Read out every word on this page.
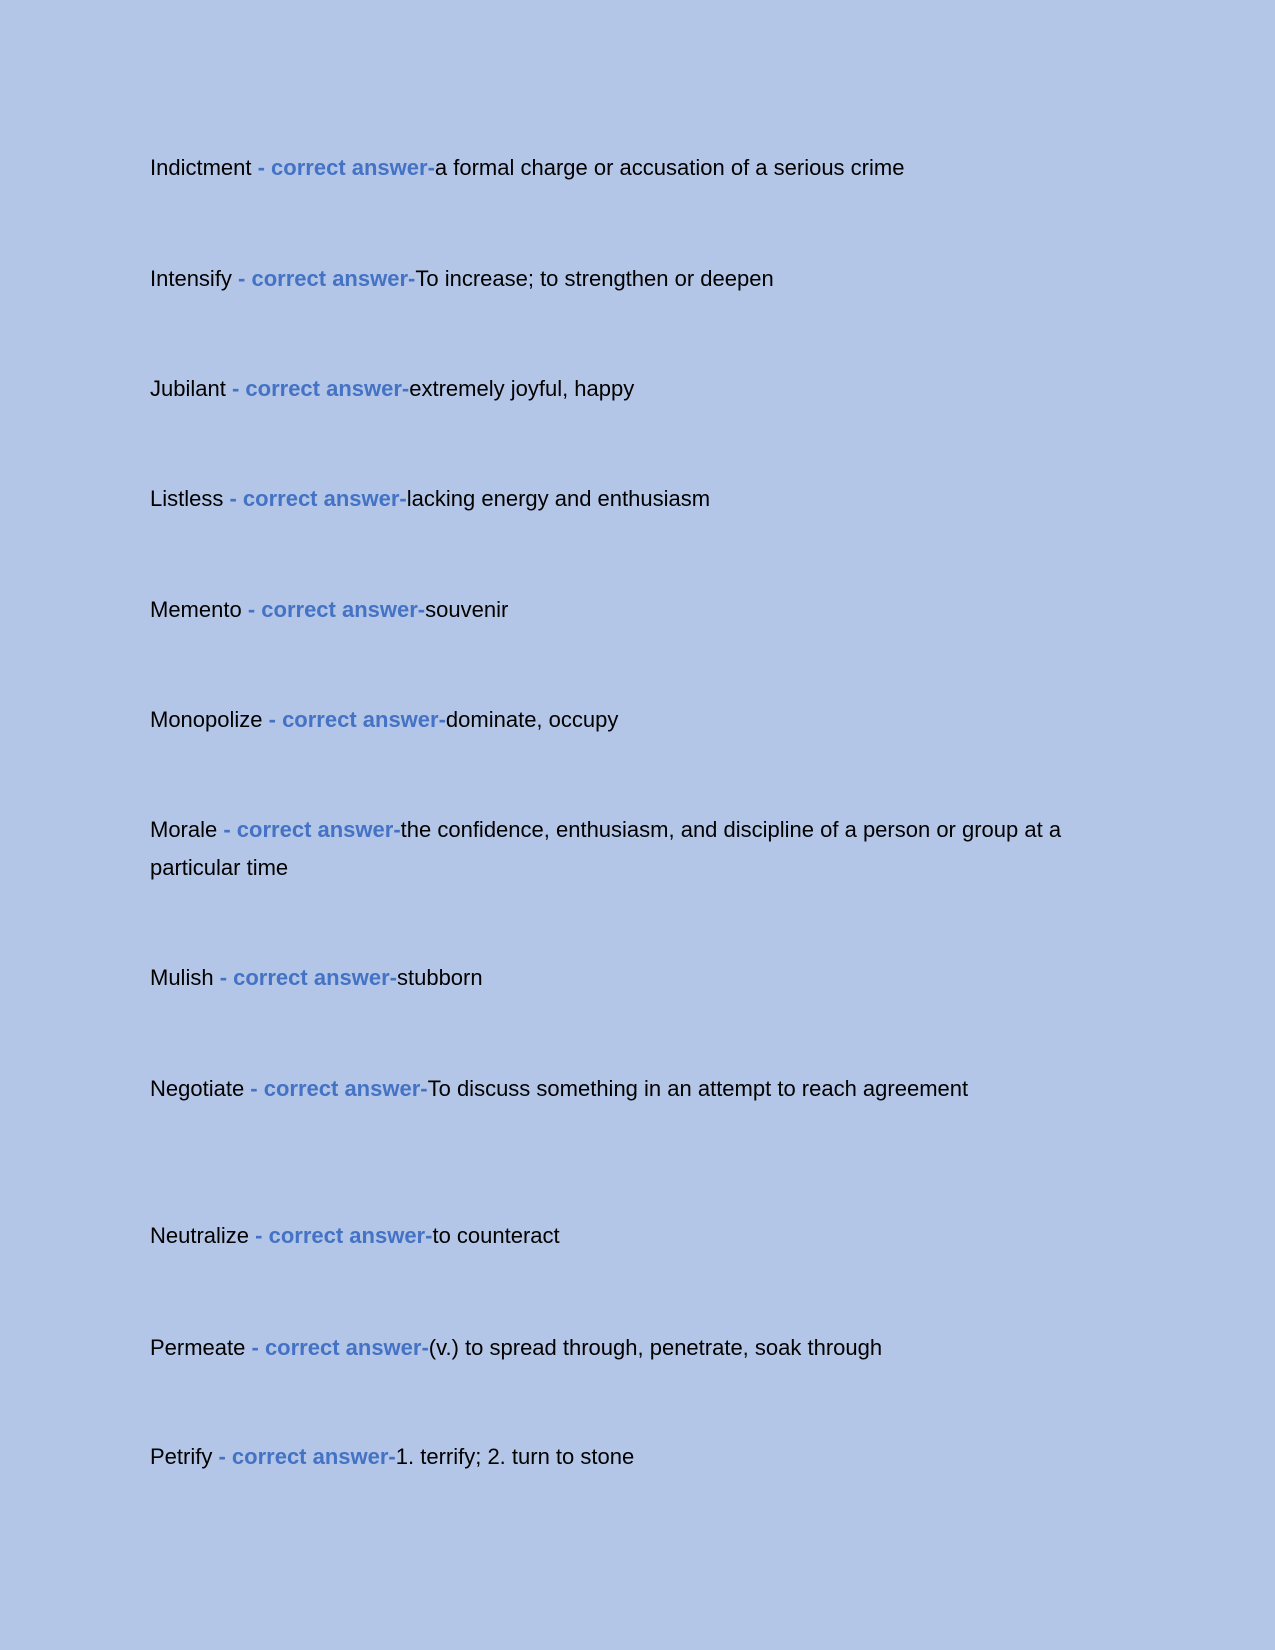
Indictment - correct answer-a formal charge or accusation of a serious crime
Intensify - correct answer-To increase; to strengthen or deepen
Jubilant - correct answer-extremely joyful, happy
Listless - correct answer-lacking energy and enthusiasm
Memento - correct answer-souvenir
Monopolize - correct answer-dominate, occupy
Morale - correct answer-the confidence, enthusiasm, and discipline of a person or group at a particular time
Mulish - correct answer-stubborn
Negotiate - correct answer-To discuss something in an attempt to reach agreement
Neutralize - correct answer-to counteract
Permeate - correct answer-(v.) to spread through, penetrate, soak through
Petrify - correct answer-1. terrify; 2. turn to stone
